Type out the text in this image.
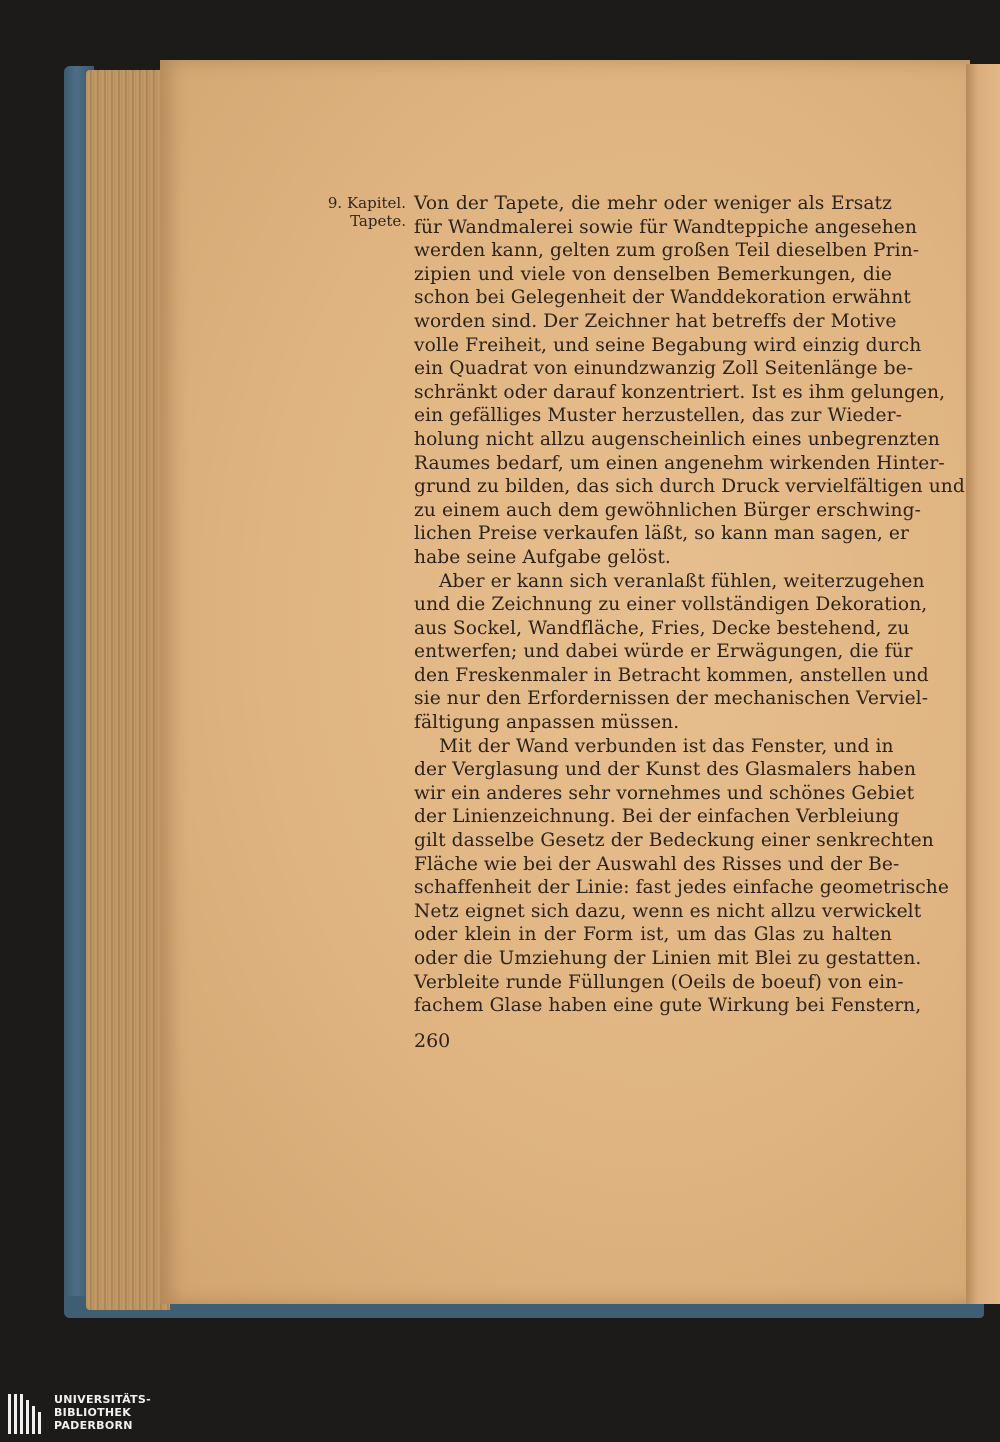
9. Kapitel.
Tapete.
Von der Tapete, die mehr oder weniger als Ersatz
für Wandmalerei sowie für Wandteppiche angesehen
werden kann, gelten zum großen Teil dieselben Prin-
zipien und viele von denselben Bemerkungen, die
schon bei Gelegenheit der Wanddekoration erwähnt
worden sind. Der Zeichner hat betreffs der Motive
volle Freiheit, und seine Begabung wird einzig durch
ein Quadrat von einundzwanzig Zoll Seitenlänge be-
schränkt oder darauf konzentriert. Ist es ihm gelungen,
ein gefälliges Muster herzustellen, das zur Wieder-
holung nicht allzu augenscheinlich eines unbegrenzten
Raumes bedarf, um einen angenehm wirkenden Hinter-
grund zu bilden, das sich durch Druck vervielfältigen und
zu einem auch dem gewöhnlichen Bürger erschwing-
lichen Preise verkaufen läßt, so kann man sagen, er
habe seine Aufgabe gelöst.
Aber er kann sich veranlaßt fühlen, weiterzugehen
und die Zeichnung zu einer vollständigen Dekoration,
aus Sockel, Wandfläche, Fries, Decke bestehend, zu
entwerfen; und dabei würde er Erwägungen, die für
den Freskenmaler in Betracht kommen, anstellen und
sie nur den Erfordernissen der mechanischen Verviel-
fältigung anpassen müssen.
Mit der Wand verbunden ist das Fenster, und in
der Verglasung und der Kunst des Glasmalers haben
wir ein anderes sehr vornehmes und schönes Gebiet
der Linienzeichnung. Bei der einfachen Verbleiung
gilt dasselbe Gesetz der Bedeckung einer senkrechten
Fläche wie bei der Auswahl des Risses und der Be-
schaffenheit der Linie: fast jedes einfache geometrische
Netz eignet sich dazu, wenn es nicht allzu verwickelt
oder klein in der Form ist, um das Glas zu halten
oder die Umziehung der Linien mit Blei zu gestatten.
Verbleite runde Füllungen (Oeils de boeuf) von ein-
fachem Glase haben eine gute Wirkung bei Fenstern,
260
UNIVERSITÄTS-
BIBLIOTHEK
PADERBORN
